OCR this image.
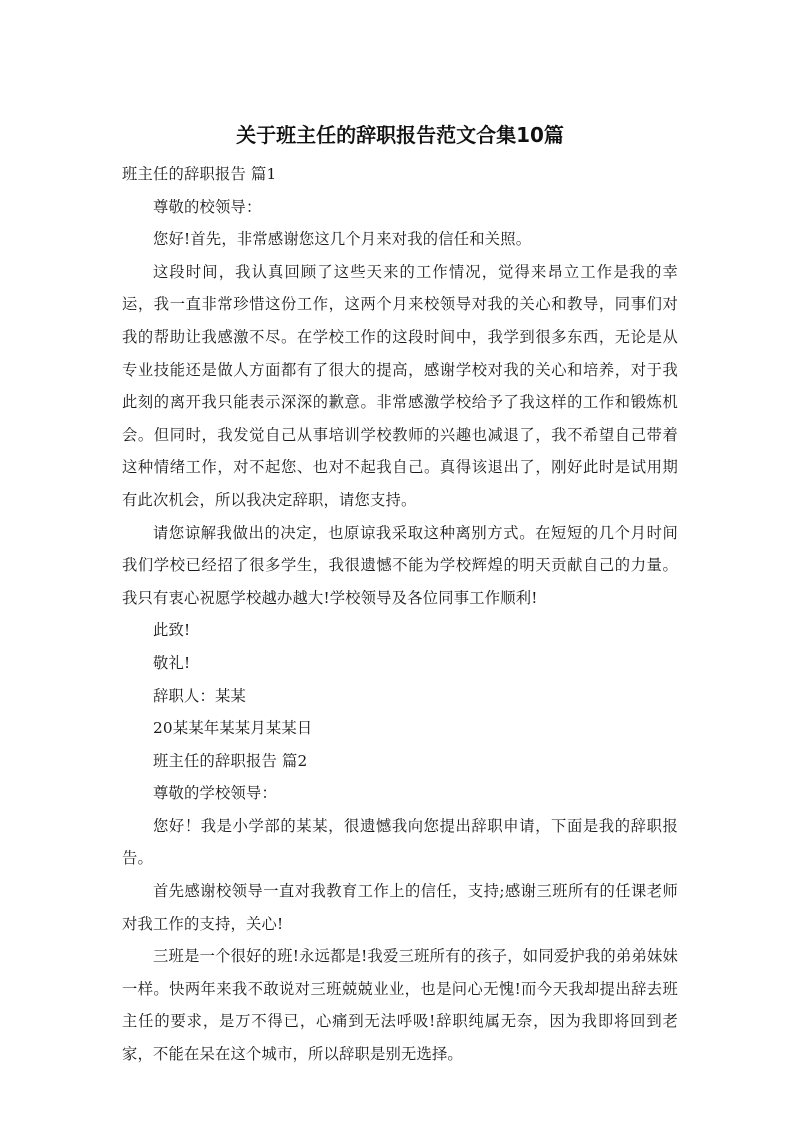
关于班主任的辞职报告范文合集10篇

班主任的辞职报告 篇1

尊敬的校领导：

您好!首先，非常感谢您这几个月来对我的信任和关照。

这段时间，我认真回顾了这些天来的工作情况，觉得来昂立工作是我的幸运，我一直非常珍惜这份工作，这两个月来校领导对我的关心和教导，同事们对我的帮助让我感激不尽。在学校工作的这段时间中，我学到很多东西，无论是从专业技能还是做人方面都有了很大的提高，感谢学校对我的关心和培养，对于我此刻的离开我只能表示深深的歉意。非常感激学校给予了我这样的工作和锻炼机会。但同时，我发觉自己从事培训学校教师的兴趣也减退了，我不希望自己带着这种情绪工作，对不起您、也对不起我自己。真得该退出了，刚好此时是试用期有此次机会，所以我决定辞职，请您支持。

请您谅解我做出的决定，也原谅我采取这种离别方式。在短短的几个月时间我们学校已经招了很多学生，我很遗憾不能为学校辉煌的明天贡献自己的力量。我只有衷心祝愿学校越办越大!学校领导及各位同事工作顺利!

此致!

敬礼!

辞职人：某某

20某某年某某月某某日

班主任的辞职报告 篇2

尊敬的学校领导：

您好！我是小学部的某某，很遗憾我向您提出辞职申请，下面是我的辞职报告。

首先感谢校领导一直对我教育工作上的信任，支持;感谢三班所有的任课老师对我工作的支持，关心!

三班是一个很好的班!永远都是!我爱三班所有的孩子，如同爱护我的弟弟妹妹一样。快两年来我不敢说对三班兢兢业业，也是问心无愧!而今天我却提出辞去班主任的要求，是万不得已，心痛到无法呼吸!辞职纯属无奈，因为我即将回到老家，不能在呆在这个城市，所以辞职是别无选择。
